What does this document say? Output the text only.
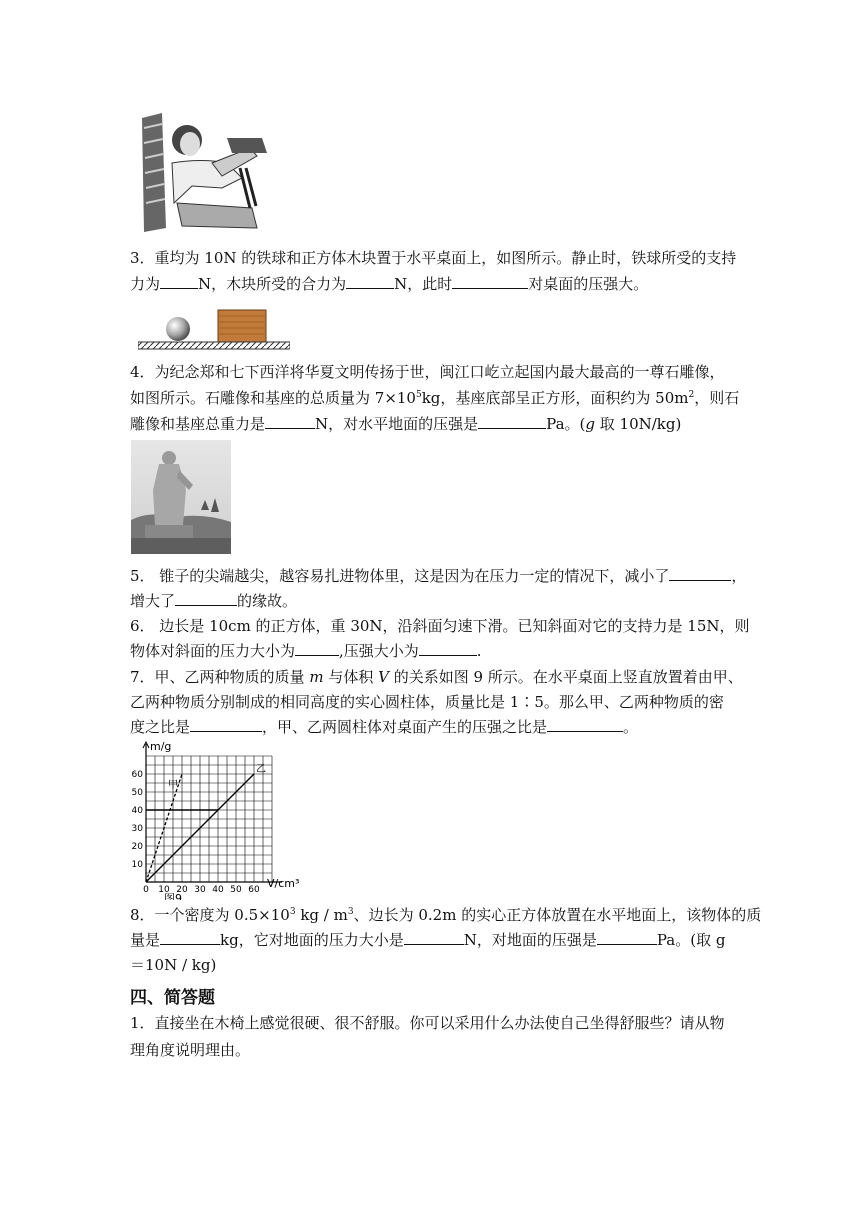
3．重均为 10N 的铁球和正方体木块置于水平桌面上，如图所示。静止时，铁球所受的支持
力为	N，木块所受的合力为	N，此时	对桌面的压强大。
4．为纪念郑和七下西洋将华夏文明传扬于世，闽江口屹立起国内最大最高的一尊石雕像，
如图所示。石雕像和基座的总质量为 $7\times 10^5kg$，基座底部呈正方形，面积约为 $50m^2$，则石
雕像和基座总重力是	N，对水平地面的压强是	Pa。(g 取 10N/kg)
5． 锥子的尖端越尖，越容易扎进物体里，这是因为在压力一定的情况下，减小了	，
增大了	的缘故。
6． 边长是 10cm 的正方体，重 30N，沿斜面匀速下滑。已知斜面对它的支持力是 15N，则
物体对斜面的压力大小为	,压强大小为	.
7．甲、乙两种物质的质量 m 与体积 V 的关系如图 9 所示。在水平桌面上竖直放置着由甲、
乙两种物质分别制成的相同高度的实心圆柱体，质量比是 1∶5。那么甲、乙两种物质的密
度之比是	，甲、乙两圆柱体对桌面产生的压强之比是	。
0 10 20 30 40 50 60
10
20
30
40
50
60
m/g
V/cm³
图9
甲
乙
8．一个密度为 $0.5\times 10^3$ kg / $m^3$、边长为 0.2m 的实心正方体放置在水平地面上，该物体的质
量是	kg，它对地面的压力大小是	N，对地面的压强是	Pa。(取 g
＝10N / kg)
四、简答题
1．直接坐在木椅上感觉很硬、很不舒服。你可以采用什么办法使自己坐得舒服些？请从物
理角度说明理由。
